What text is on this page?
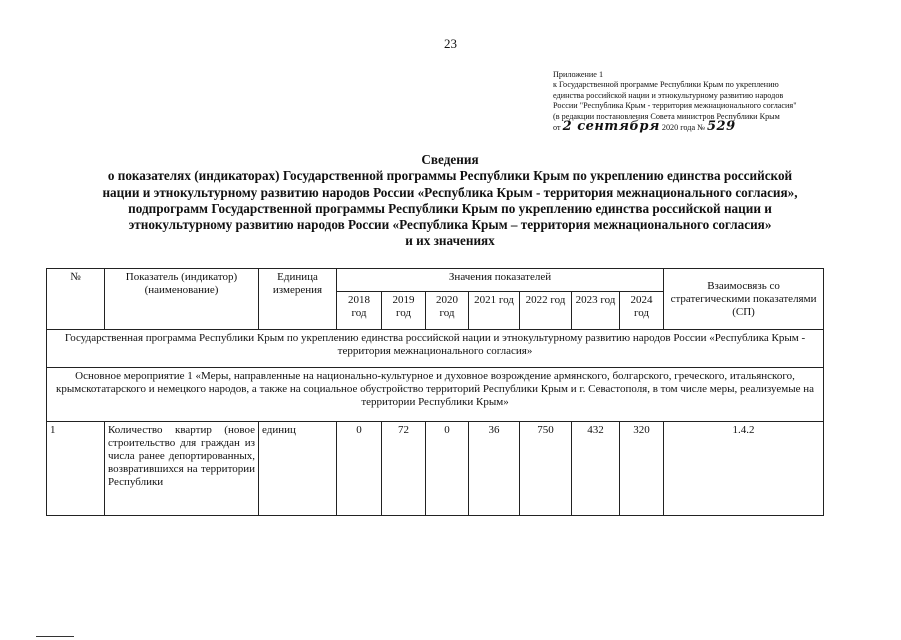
23
Приложение 1
к Государственной программе Республики Крым по укреплению
единства российской нации и этнокультурному развитию народов
России "Республика Крым - территория межнационального согласия"
(в редакции постановления Совета министров Республики Крым
от 2 сентября 2020 года № 529
Сведения
о показателях (индикаторах) Государственной программы Республики Крым по укреплению единства российской
нации и этнокультурному развитию народов России «Республика Крым - территория межнационального согласия»,
подпрограмм Государственной программы Республики Крым по укреплению единства российской нации и
этнокультурному развитию народов России «Республика Крым – территория межнационального согласия»
и их значениях
№	Показатель (индикатор) (наименование)	Единица измерения	Значения показателей							Взаимосвязь со стратегическими показателями (СП)
			2018 год	2019 год	2020 год	2021 год	2022 год	2023 год	2024 год	
Государственная программа Республики Крым по укреплению единства российской нации и этнокультурному развитию народов России «Республика Крым - территория межнационального согласия»										
Основное мероприятие 1 «Меры, направленные на национально-культурное и духовное возрождение армянского, болгарского, греческого, итальянского, крымскотатарского и немецкого народов, а также на социальное обустройство территорий Республики Крым и г. Севастополя, в том числе меры, реализуемые на территории Республики Крым»										
1	Количество квартир (новое строительство для граждан из числа ранее депортированных, возвратившихся на территории Республики	единиц	0	72	0	36	750	432	320	1.4.2
